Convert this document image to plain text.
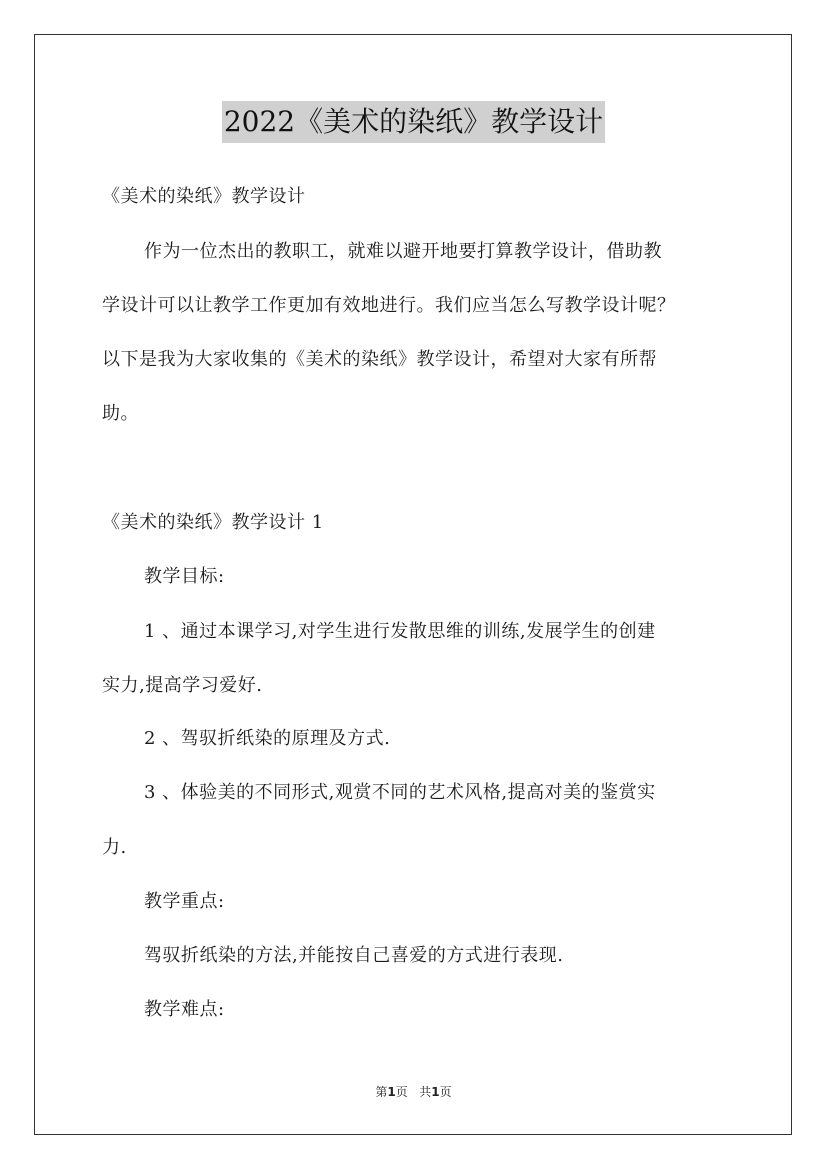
2022《美术的染纸》教学设计
《美术的染纸》教学设计
作为一位杰出的教职工，就难以避开地要打算教学设计，借助教
学设计可以让教学工作更加有效地进行。我们应当怎么写教学设计呢？
以下是我为大家收集的《美术的染纸》教学设计，希望对大家有所帮
助。
《美术的染纸》教学设计 1
教学目标:
1 、通过本课学习,对学生进行发散思维的训练,发展学生的创建
实力,提高学习爱好.
2 、驾驭折纸染的原理及方式.
3 、体验美的不同形式,观赏不同的艺术风格,提高对美的鉴赏实
力.
教学重点:
驾驭折纸染的方法,并能按自己喜爱的方式进行表现.
教学难点:
第1页   共1页
